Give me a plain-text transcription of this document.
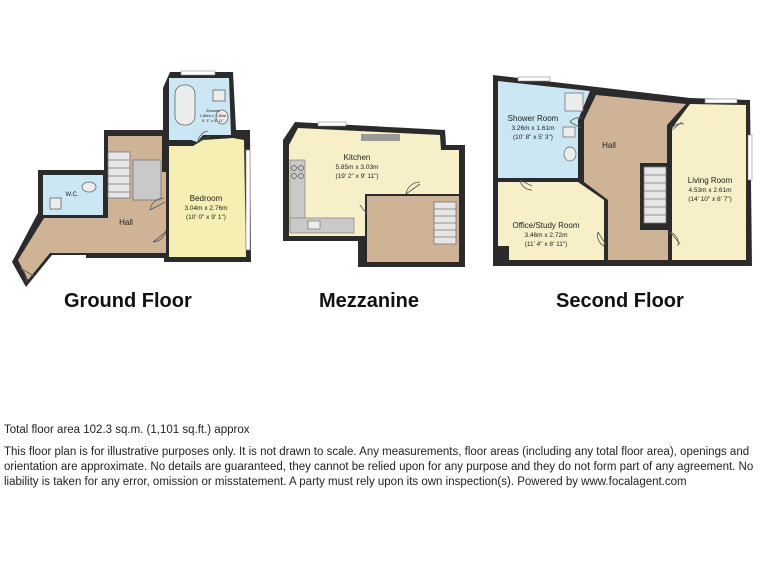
W.C.
Ensuite
1.86m x 1.80m
6' 1" x 5' 11"
Bedroom
3.04m x 2.76m
(10' 0" x 9' 1")
Hall
Kitchen
5.85m x 3.03m
(19' 2" x 9' 11")
Shower Room
3.26m x 1.61m
(10' 8" x 5' 3")
Hall
Office/Study Room
3.46m x 2.72m
(11' 4" x 8' 11")
Living Room
4.53m x 2.61m
(14' 10" x 8' 7")
Ground Floor	Mezzanine	Second Floor
Total floor area 102.3 sq.m. (1,101 sq.ft.) approx
This floor plan is for illustrative purposes only. It is not drawn to scale. Any measurements, floor areas (including any total floor area), openings and orientation are approximate. No details are guaranteed, they cannot be relied upon for any purpose and they do not form part of any agreement. No liability is taken for any error, omission or misstatement. A party must rely upon its own inspection(s). Powered by www.focalagent.com
